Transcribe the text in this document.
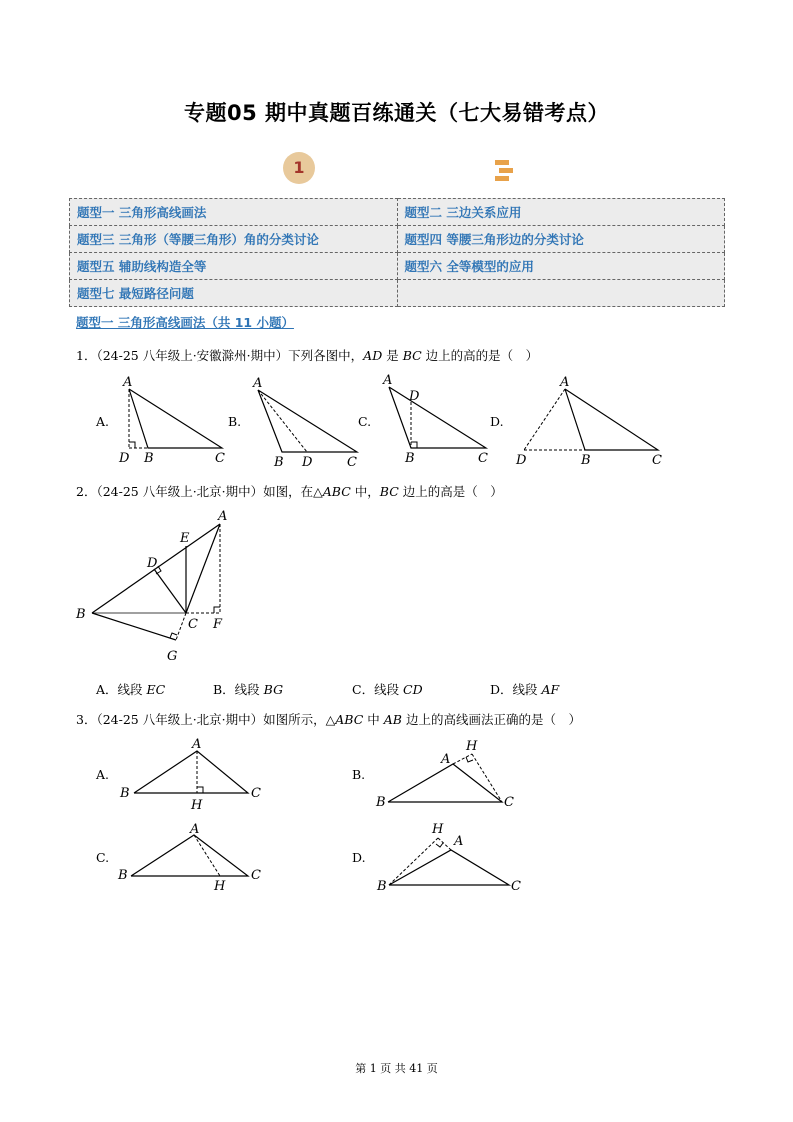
专题05 期中真题百练通关（七大易错考点）
1	真题实战•百练通关
题型一 三角形高线画法	题型二 三边关系应用
题型三 三角形（等腰三角形）角的分类讨论	题型四 等腰三角形边的分类讨论
题型五 辅助线构造全等	题型六 全等模型的应用
题型七 最短路径问题	
题型一 三角形高线画法（共 11 小题）
1．（24-25 八年级上·安徽滁州·期中）下列各图中，AD 是 BC 边上的高的是（　）
A.	B.	C.	D.
A
D B	C
A
B D	C
A
D
B	C
A
D	B	C
2．（24-25 八年级上·北京·期中）如图，在△ABC 中，BC 边上的高是（　）
A
E
D
B
C F
G
A．线段 EC	B．线段 BG	C．线段 CD	D．线段 AF
3．（24-25 八年级上·北京·期中）如图所示，△ABC 中 AB 边上的高线画法正确的是（　）
A.	B.
C.	D.
A
B	C
H
A
H
B	C
A
B	C
H
A
H
B	C
第 1 页 共 41 页
